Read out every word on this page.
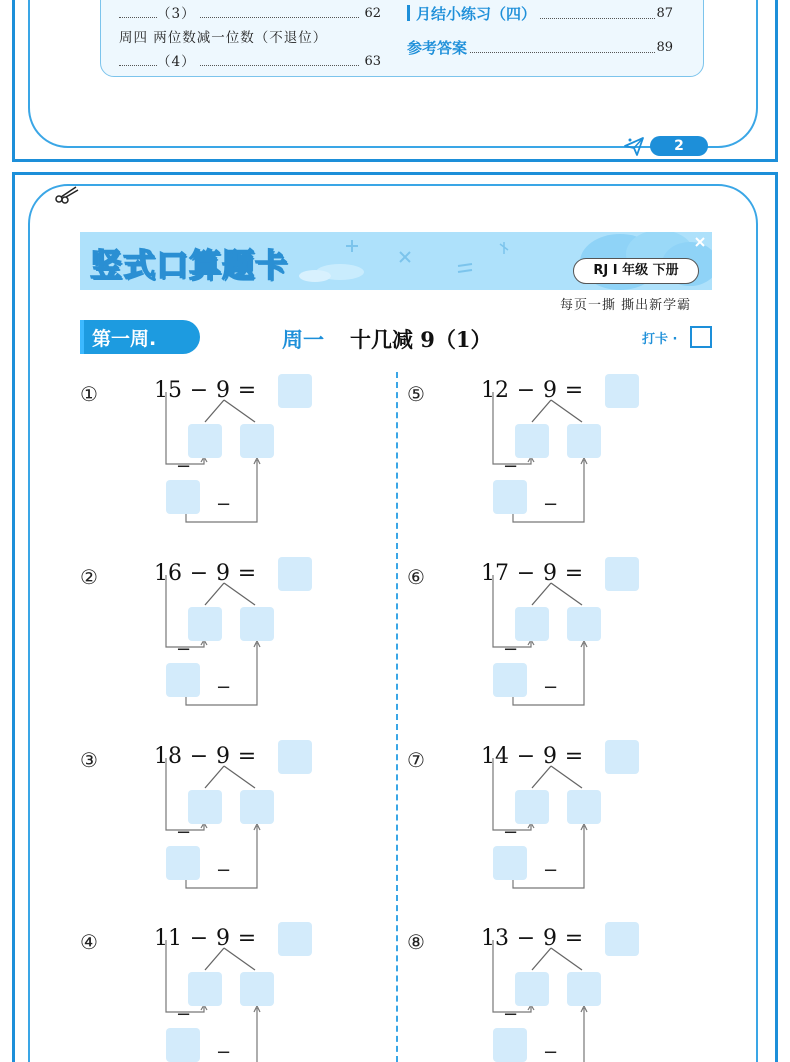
（3）	62
周四 两位数减一位数（不退位）
（4）	63
月结小练习（四）	87
参考答案	89
2
竖式口算题卡	RJ I 年级 下册
每页一撕 撕出新学霸
第一周.	周一 十几减 9（1）	打卡 ·
①	15 − 9 =
−
−
②	16 − 9 =
−
−
③	18 − 9 =
−
−
④	11 − 9 =
−
−
⑤	12 − 9 =
−
−
⑥	17 − 9 =
−
−
⑦	14 − 9 =
−
−
⑧	13 − 9 =
−
−
